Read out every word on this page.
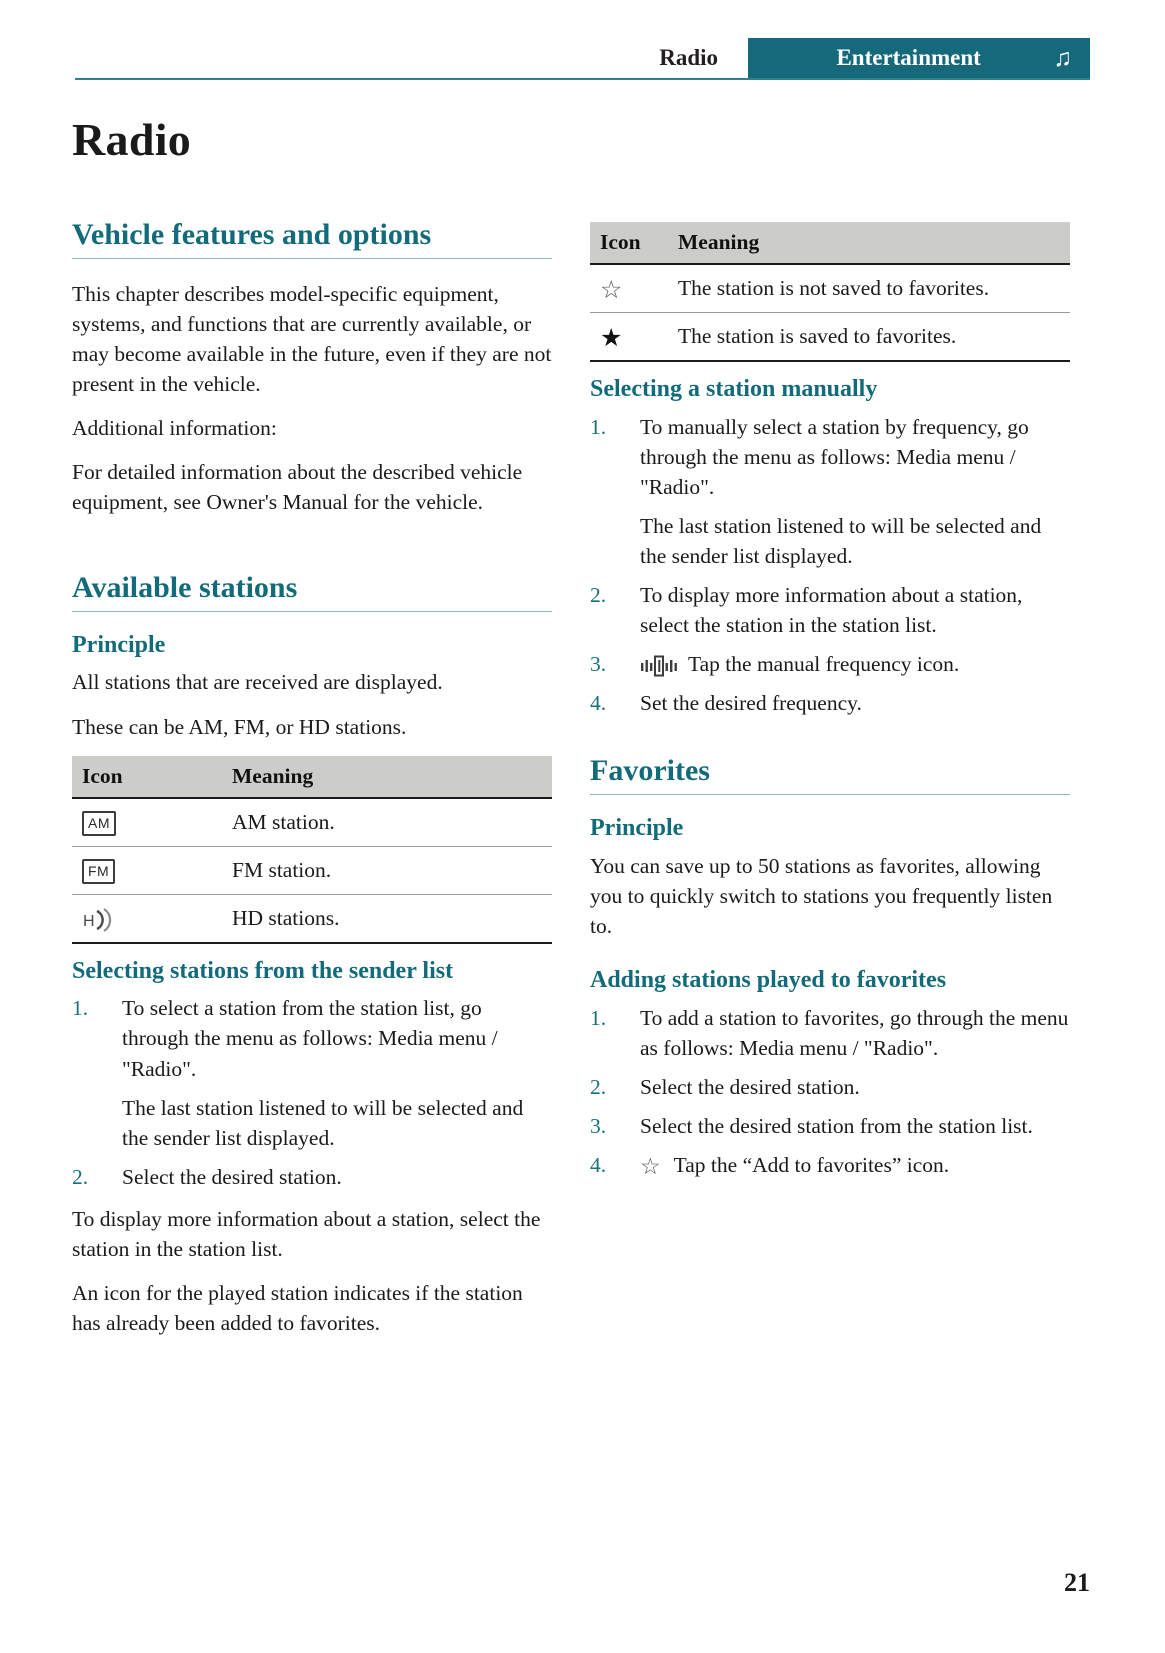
Radio	Entertainment	♫
Radio
Vehicle features and options

This chapter describes model-specific equipment, systems, and functions that are currently available, or may become available in the future, even if they are not present in the vehicle.

Additional information:

For detailed information about the described vehicle equipment, see Owner's Manual for the vehicle.

Available stations
Principle

All stations that are received are displayed.

These can be AM, FM, or HD stations.

Icon	Meaning
AM	AM station.
FM	FM station.

H	HD stations.
Selecting stations from the sender list
To select a station from the station list, go through the menu as follows: Media menu / "Radio".
The last station listened to will be selected and the sender list displayed.
Select the desired station.

To display more information about a station, select the station in the station list.

An icon for the played station indicates if the station has already been added to favorites.

Icon	Meaning
☆	The station is not saved to favorites.
★	The station is saved to favorites.
Selecting a station manually
To manually select a station by frequency, go through the menu as follows: Media menu / "Radio".
The last station listened to will be selected and the sender list displayed.
To display more information about a station, select the station in the station list.
Tap the manual frequency icon.
Set the desired frequency.
Favorites
Principle

You can save up to 50 stations as favorites, allowing you to quickly switch to stations you frequently listen to.

Adding stations played to favorites
To add a station to favorites, go through the menu as follows: Media menu / "Radio".
Select the desired station.
Select the desired station from the station list.
☆ Tap the “Add to favorites” icon.
21
